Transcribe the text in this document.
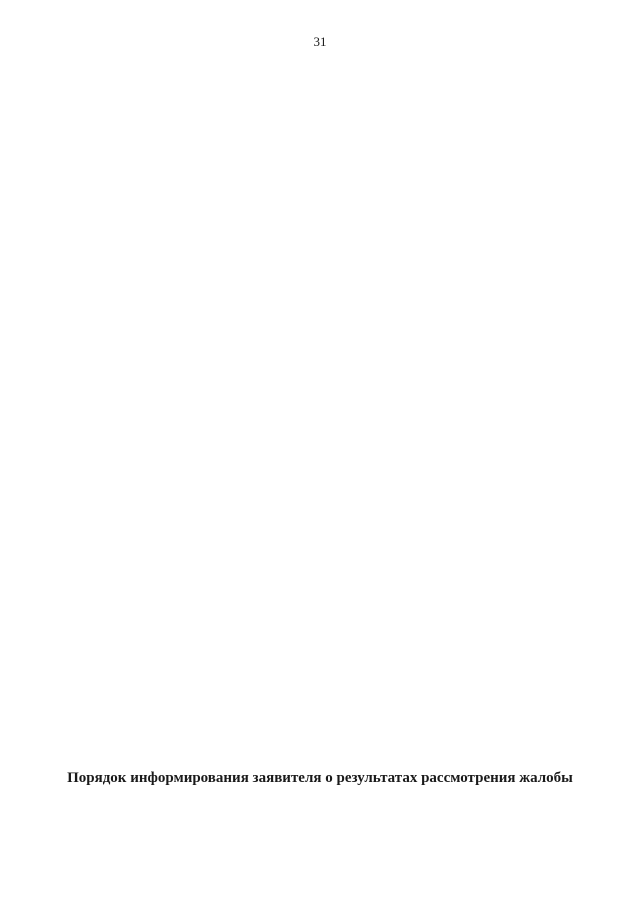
31
Порядок информирования заявителя о результатах рассмотрения жалобы
